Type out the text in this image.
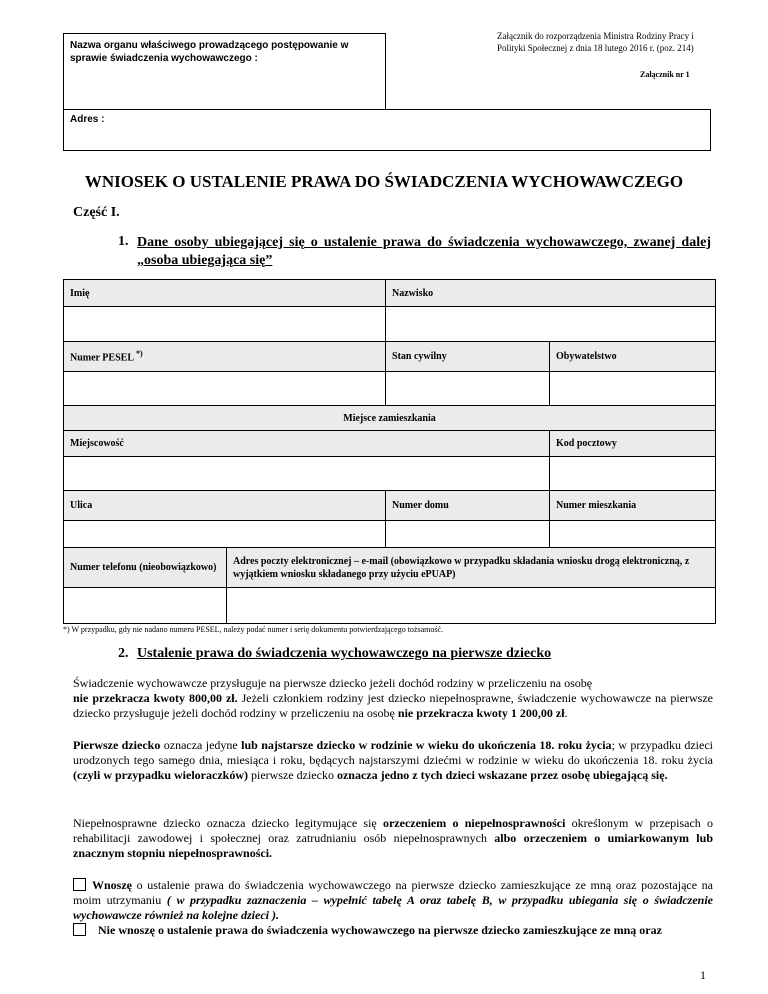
Nazwa organu właściwego prowadzącego postępowanie w sprawie świadczenia wychowawczego :
Adres :
Załącznik do rozporządzenia Ministra Rodziny Pracy i Polityki Społecznej z dnia 18 lutego 2016 r. (poz. 214)
Załącznik nr 1
WNIOSEK O USTALENIE PRAWA DO ŚWIADCZENIA WYCHOWAWCZEGO
Część I.
1. Dane osoby ubiegającej się o ustalenie prawa do świadczenia wychowawczego, zwanej dalej „osoba ubiegająca się”
Imię	Nazwisko	

Numer PESEL *)	Stan cywilny	Obywatelstwo

Miejsce zamieszkania		
Miejscowość		Kod pocztowy

Ulica	Numer domu	Numer mieszkania

Numer telefonu (nieobowiązkowo)	Adres poczty elektronicznej – e-mail (obowiązkowo w przypadku składania wniosku drogą elektroniczną, z wyjątkiem wniosku składanego przy użyciu ePUAP)

*) W przypadku, gdy nie nadano numeru PESEL, należy podać numer i serię dokumentu potwierdzającego tożsamość.
2. Ustalenie prawa do świadczenia wychowawczego na pierwsze dziecko
Świadczenie wychowawcze przysługuje na pierwsze dziecko jeżeli dochód rodziny w przeliczeniu na osobę
nie przekracza kwoty 800,00 zł. Jeżeli członkiem rodziny jest dziecko niepełnosprawne, świadczenie wychowawcze na pierwsze dziecko przysługuje jeżeli dochód rodziny w przeliczeniu na osobę nie przekracza kwoty 1 200,00 zł.
Pierwsze dziecko oznacza jedyne lub najstarsze dziecko w rodzinie w wieku do ukończenia 18. roku życia; w przypadku dzieci urodzonych tego samego dnia, miesiąca i roku, będących najstarszymi dziećmi w rodzinie w wieku do ukończenia 18. roku życia (czyli w przypadku wieloraczków) pierwsze dziecko oznacza jedno z tych dzieci wskazane przez osobę ubiegającą się.
Niepełnosprawne dziecko oznacza dziecko legitymujące się orzeczeniem o niepełnosprawności określonym w przepisach o rehabilitacji zawodowej i społecznej oraz zatrudnianiu osób niepełnosprawnych albo orzeczeniem o umiarkowanym lub znacznym stopniu niepełnosprawności.
Wnoszę o ustalenie prawa do świadczenia wychowawczego na pierwsze dziecko zamieszkujące ze mną oraz pozostające na moim utrzymaniu ( w przypadku zaznaczenia – wypełnić tabelę A oraz tabelę B, w przypadku ubiegania się o świadczenie wychowawcze również na kolejne dzieci ).
Nie wnoszę o ustalenie prawa do świadczenia wychowawczego na pierwsze dziecko zamieszkujące ze mną oraz
1
